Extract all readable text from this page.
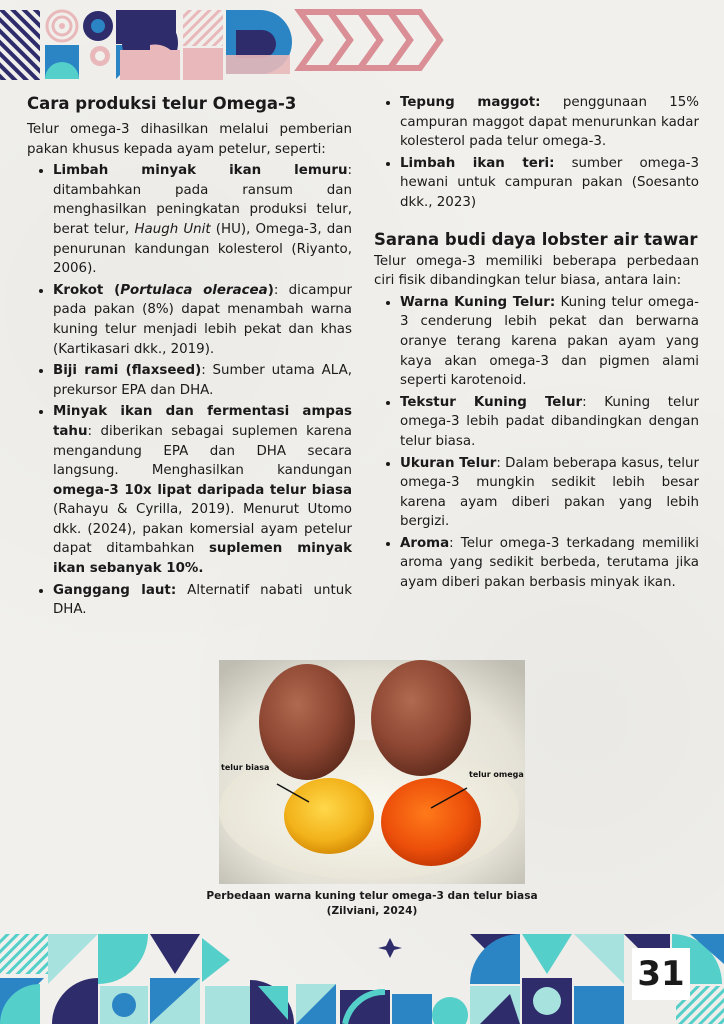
Cara produksi telur Omega-3

Telur omega-3 dihasilkan melalui pemberian pakan khusus kepada ayam petelur, seperti:

• Limbah minyak ikan lemuru: ditambahkan pada ransum dan menghasilkan peningkatan produksi telur, berat telur, Haugh Unit (HU), Omega-3, dan penurunan kandungan kolesterol (Riyanto, 2006).
• Krokot (Portulaca oleracea): dicampur pada pakan (8%) dapat menambah warna kuning telur menjadi lebih pekat dan khas (Kartikasari dkk., 2019).
• Biji rami (flaxseed): Sumber utama ALA, prekursor EPA dan DHA.
• Minyak ikan dan fermentasi ampas tahu: diberikan sebagai suplemen karena mengandung EPA dan DHA secara langsung. Menghasilkan kandungan omega-3 10x lipat daripada telur biasa (Rahayu & Cyrilla, 2019). Menurut Utomo dkk. (2024), pakan komersial ayam petelur dapat ditambahkan suplemen minyak ikan sebanyak 10%.
• Ganggang laut: Alternatif nabati untuk DHA.
• Tepung maggot: penggunaan 15% campuran maggot dapat menurunkan kadar kolesterol pada telur omega-3.
• Limbah ikan teri: sumber omega-3 hewani untuk campuran pakan (Soesanto dkk., 2023)
Sarana budi daya lobster air tawar

Telur omega-3 memiliki beberapa perbedaan ciri fisik dibandingkan telur biasa, antara lain:

• Warna Kuning Telur: Kuning telur omega-3 cenderung lebih pekat dan berwarna oranye terang karena pakan ayam yang kaya akan omega-3 dan pigmen alami seperti karotenoid.
• Tekstur Kuning Telur: Kuning telur omega-3 lebih padat dibandingkan dengan telur biasa.
• Ukuran Telur: Dalam beberapa kasus, telur omega-3 mungkin sedikit lebih besar karena ayam diberi pakan yang lebih bergizi.
• Aroma: Telur omega-3 terkadang memiliki aroma yang sedikit berbeda, terutama jika ayam diberi pakan berbasis minyak ikan.
telur biasa
telur omega
Perbedaan warna kuning telur omega-3 dan telur biasa (Zilviani, 2024)
31
